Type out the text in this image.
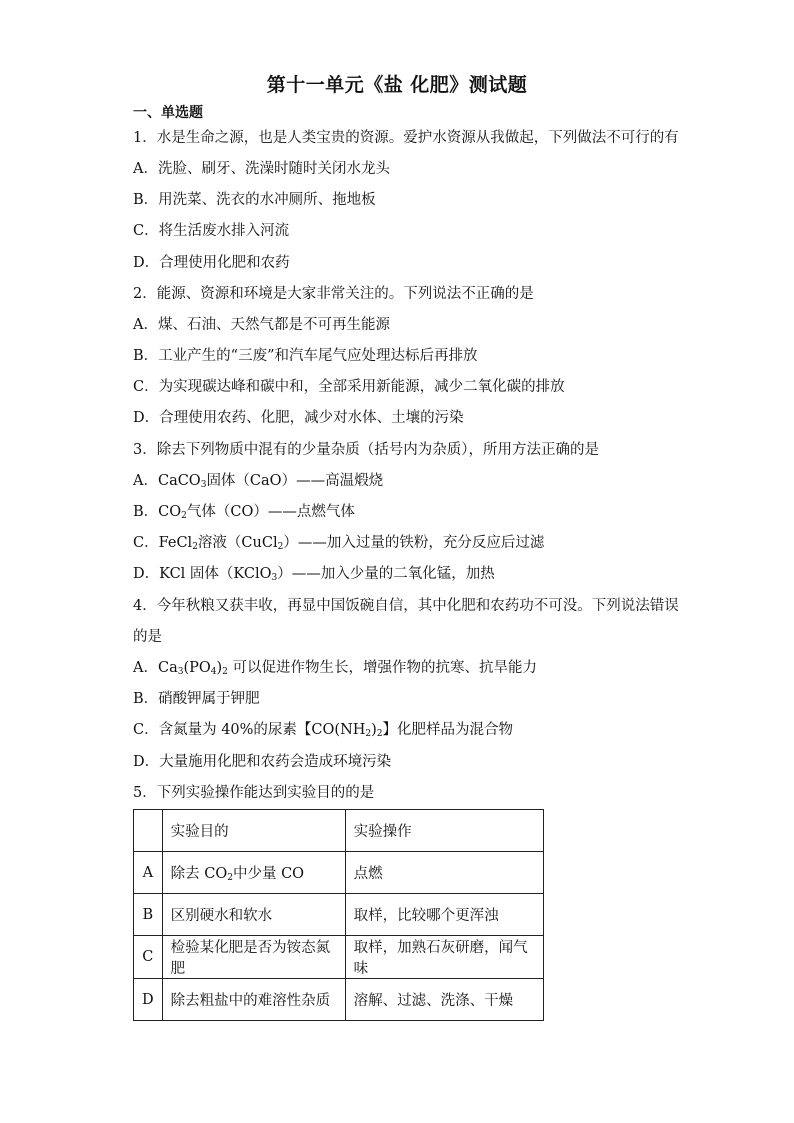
第十一单元《盐 化肥》测试题
一、单选题
1．水是生命之源，也是人类宝贵的资源。爱护水资源从我做起，下列做法不可行的有
A．洗脸、刷牙、洗澡时随时关闭水龙头
B．用洗菜、洗衣的水冲厕所、拖地板
C．将生活废水排入河流
D．合理使用化肥和农药
2．能源、资源和环境是大家非常关注的。下列说法不正确的是
A．煤、石油、天然气都是不可再生能源
B．工业产生的“三废”和汽车尾气应处理达标后再排放
C．为实现碳达峰和碳中和，全部采用新能源，减少二氧化碳的排放
D．合理使用农药、化肥，减少对水体、土壤的污染
3．除去下列物质中混有的少量杂质（括号内为杂质），所用方法正确的是
A．CaCO$_3$固体（CaO）——高温煅烧
B．$CO_2$气体（CO）——点燃气体
C．FeCl$_2$溶液（CuCl$_2$）——加入过量的铁粉，充分反应后过滤
D．KCl 固体（KClO$_3$）——加入少量的二氧化锰，加热
4．今年秋粮又获丰收，再显中国饭碗自信，其中化肥和农药功不可没。下列说法错误
的是
A．$Ca_3(PO_4)_2$ 可以促进作物生长，增强作物的抗寒、抗旱能力
B．硝酸钾属于钾肥
C．含氮量为 40%的尿素【$CO(NH_2)_2$】化肥样品为混合物
D．大量施用化肥和农药会造成环境污染
5．下列实验操作能达到实验目的的是
	实验目的	实验操作
A	除去 $CO_2$中少量 CO	点燃
B	区别硬水和软水	取样，比较哪个更浑浊
C	检验某化肥是否为铵态氮肥	取样，加熟石灰研磨，闻气味
D	除去粗盐中的难溶性杂质	溶解、过滤、洗涤、干燥
